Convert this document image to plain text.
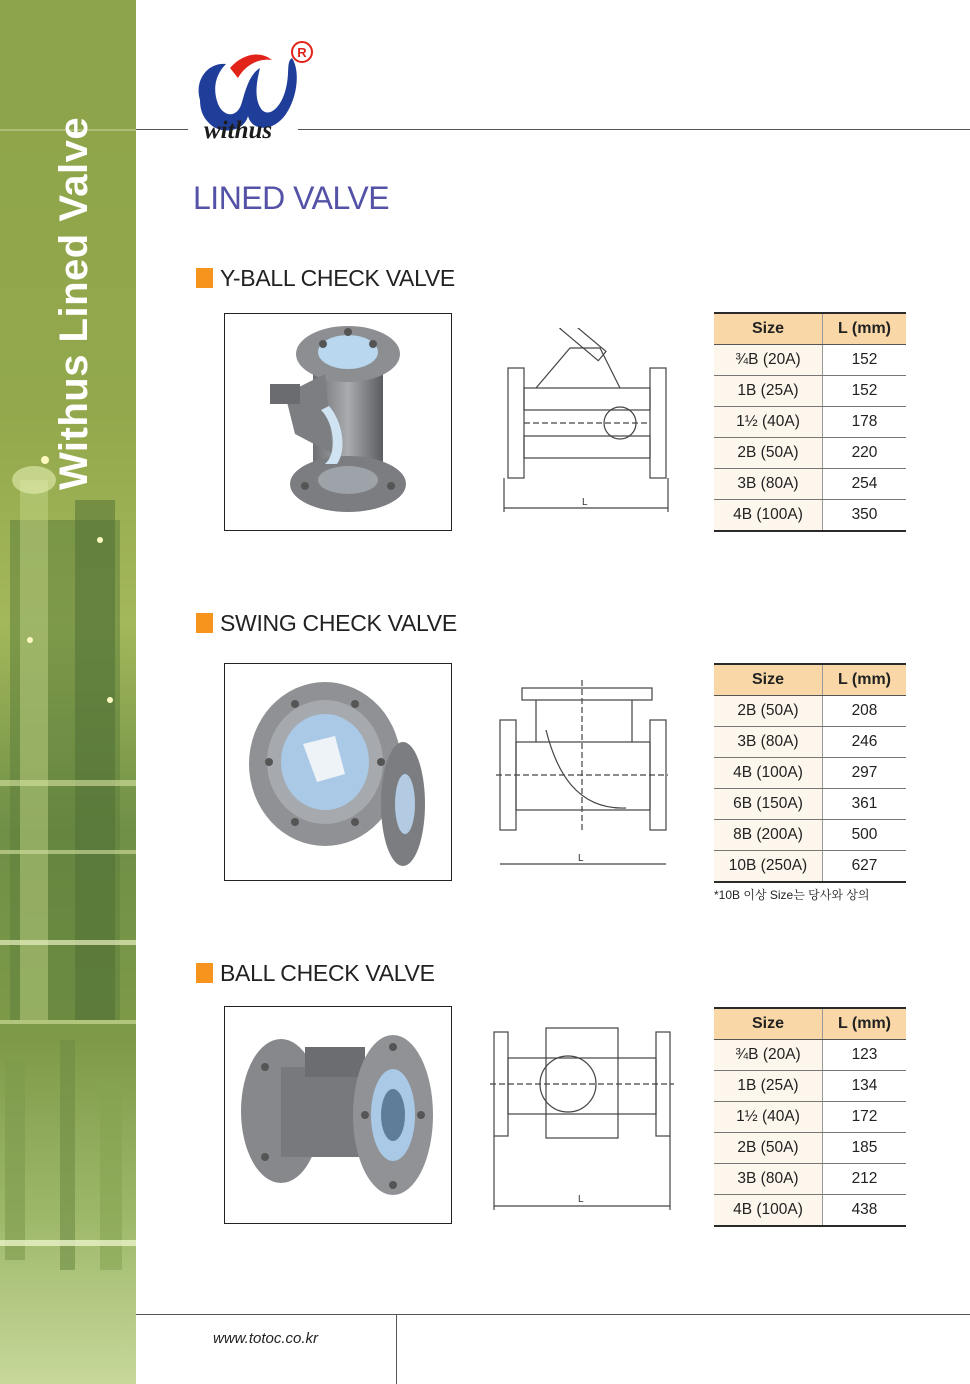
Withus Lined Valve
R
withus
LINED VALVE
Y-BALL CHECK VALVE
L
Size	L (mm)
¾B (20A)	152
1B (25A)	152
1½ (40A)	178
2B (50A)	220
3B (80A)	254
4B (100A)	350
SWING CHECK VALVE
L
Size	L (mm)
2B (50A)	208
3B (80A)	246
4B (100A)	297
6B (150A)	361
8B (200A)	500
10B (250A)	627
*10B 이상 Size는 당사와 상의
BALL CHECK VALVE
L
Size	L (mm)
¾B (20A)	123
1B (25A)	134
1½ (40A)	172
2B (50A)	185
3B (80A)	212
4B (100A)	438
www.totoc.co.kr
